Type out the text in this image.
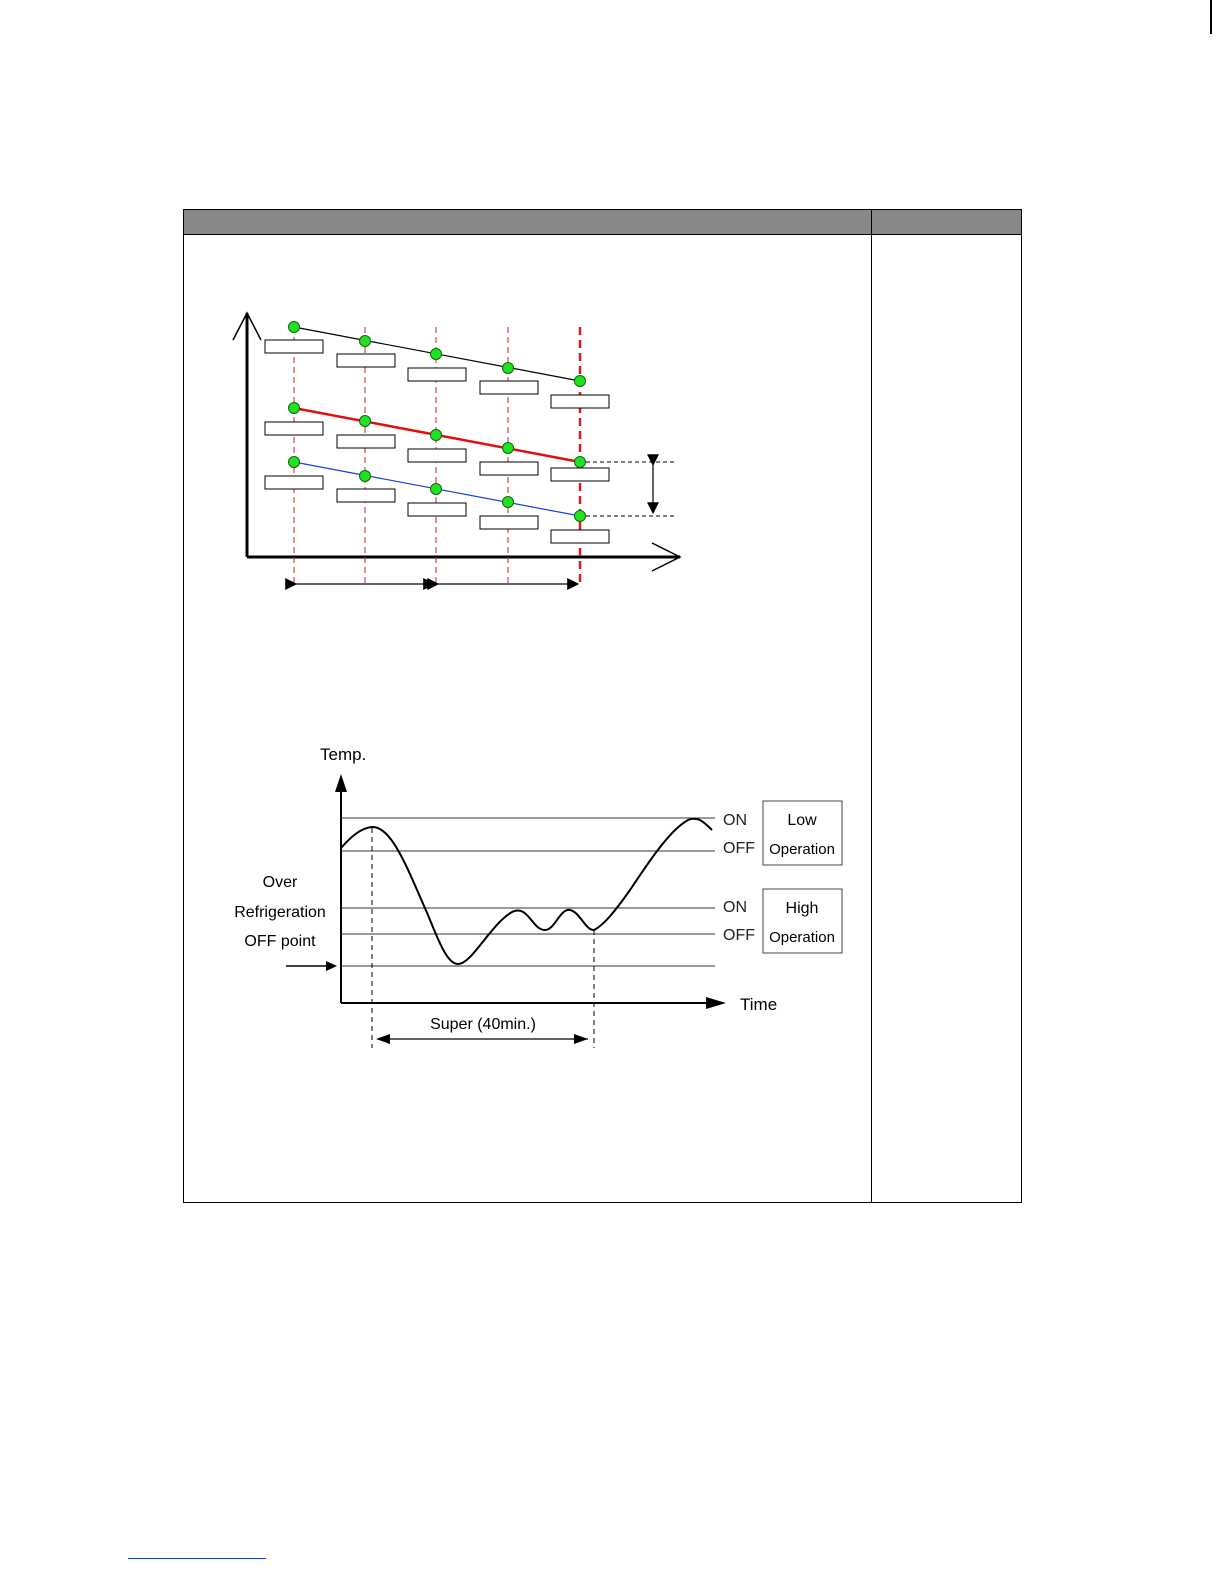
Temp.
Time
ON
OFF
ON
OFF
Low
Operation
High
Operation
Over
Refrigeration
OFF point
Super (40min.)
